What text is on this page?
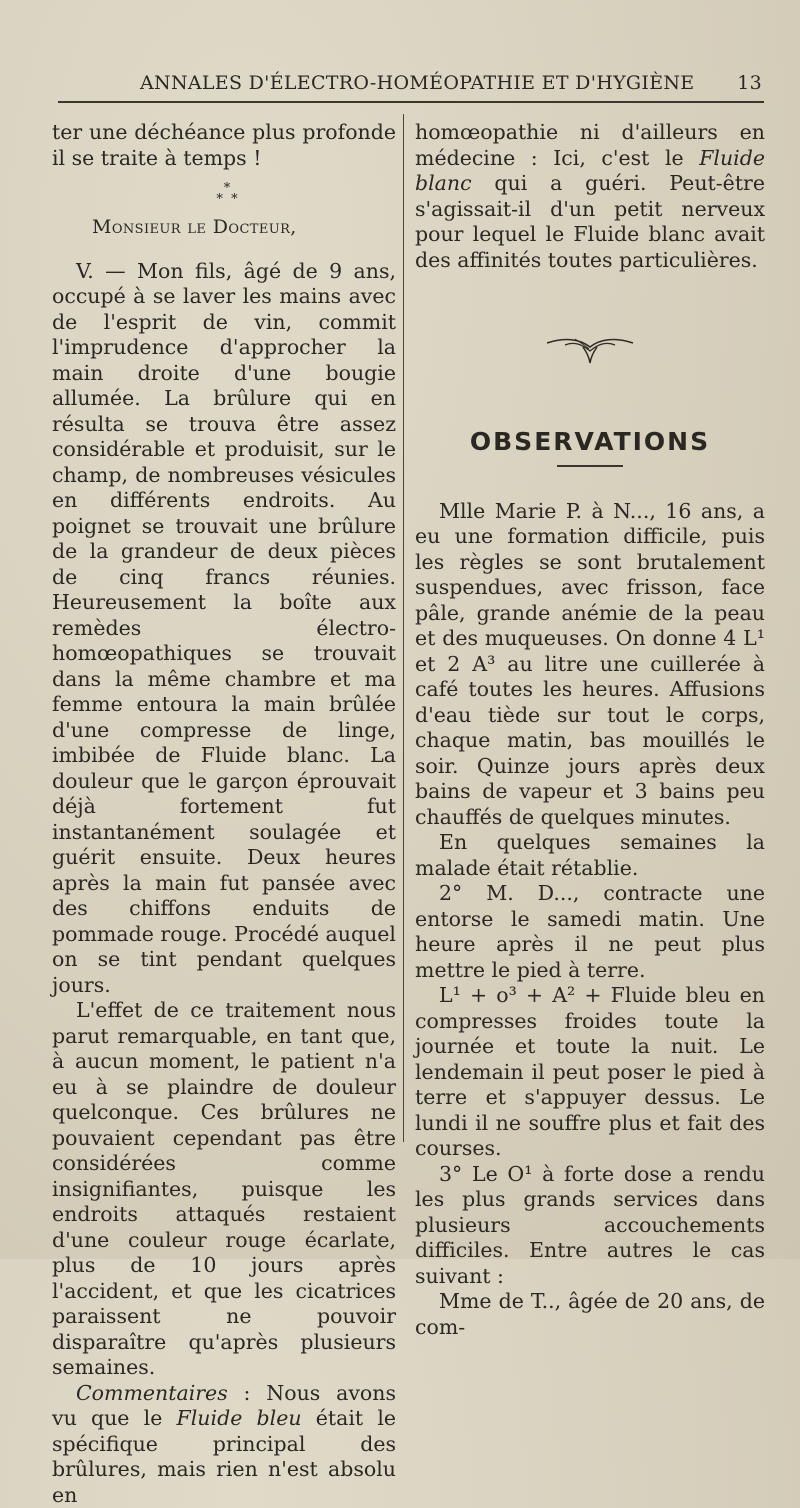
ANNALES D'ÉLECTRO-HOMÉOPATHIE ET D'HYGIÈNE 13

ter une déchéance plus profonde il se traite à temps !

*
*  *
Monsieur le Docteur,

V. — Mon fils, âgé de 9 ans, occupé à se laver les mains avec de l'esprit de vin, commit l'imprudence d'approcher la main droite d'une bougie allumée. La brûlure qui en résulta se trouva être assez considérable et produisit, sur le champ, de nombreuses vésicules en différents endroits. Au poignet se trouvait une brûlure de la grandeur de deux pièces de cinq francs réunies. Heureusement la boîte aux remèdes électro-homœopathiques se trouvait dans la même chambre et ma femme entoura la main brûlée d'une compresse de linge, imbibée de Fluide blanc. La douleur que le garçon éprouvait déjà fortement fut instantanément soulagée et guérit ensuite. Deux heures après la main fut pansée avec des chiffons enduits de pommade rouge. Procédé auquel on se tint pendant quelques jours.

L'effet de ce traitement nous parut remarquable, en tant que, à aucun moment, le patient n'a eu à se plaindre de douleur quelconque. Ces brûlures ne pouvaient cependant pas être considérées comme insignifiantes, puisque les endroits attaqués restaient d'une couleur rouge écarlate, plus de 10 jours après l'accident, et que les cicatrices paraissent ne pouvoir disparaître qu'après plusieurs semaines.

Commentaires : Nous avons vu que le Fluide bleu était le spécifique principal des brûlures, mais rien n'est absolu en

homœopathie ni d'ailleurs en médecine : Ici, c'est le Fluide blanc qui a guéri. Peut-être s'agissait-il d'un petit nerveux pour lequel le Fluide blanc avait des affinités toutes particulières.

OBSERVATIONS

Mlle Marie P. à N..., 16 ans, a eu une formation difficile, puis les règles se sont brutalement suspendues, avec frisson, face pâle, grande anémie de la peau et des muqueuses. On donne 4 L¹ et 2 A³ au litre une cuillerée à café toutes les heures. Affusions d'eau tiède sur tout le corps, chaque matin, bas mouillés le soir. Quinze jours après deux bains de vapeur et 3 bains peu chauffés de quelques minutes.

En quelques semaines la malade était rétablie.

2° M. D..., contracte une entorse le samedi matin. Une heure après il ne peut plus mettre le pied à terre.

L¹ + o³ + A² + Fluide bleu en compresses froides toute la journée et toute la nuit. Le lendemain il peut poser le pied à terre et s'appuyer dessus. Le lundi il ne souffre plus et fait des courses.

3° Le O¹ à forte dose a rendu les plus grands services dans plusieurs accouchements difficiles. Entre autres le cas suivant :

Mme de T.., âgée de 20 ans, de com-
